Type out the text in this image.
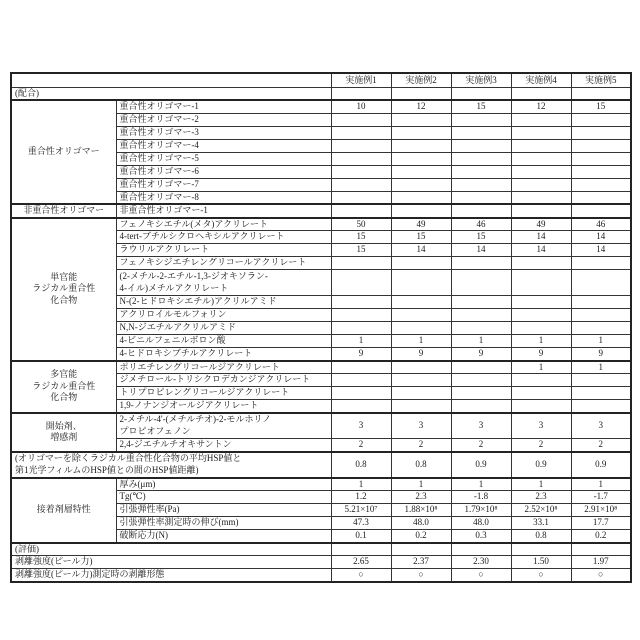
		実施例1	実施例2	実施例3	実施例4	実施例5
(配合)						
重合性オリゴマー	重合性オリゴマー-1	10	12	15	12	15
	重合性オリゴマー-2					
	重合性オリゴマー-3					
	重合性オリゴマー-4					
	重合性オリゴマー-5					
	重合性オリゴマー-6					
	重合性オリゴマー-7					
	重合性オリゴマー-8					
非重合性オリゴマー	非重合性オリゴマー-1					
単官能
ラジカル重合性
化合物	フェノキシエチル(メタ)アクリレート	50	49	46	49	46
	4-tert-ブチルシクロヘキシルアクリレート	15	15	15	14	14
	ラウリルアクリレート	15	14	14	14	14
	フェノキシジエチレングリコールアクリレート					
	(2-メチル-2-エチル-1,3-ジオキソラン-
4-イル)メチルアクリレート					
	N-(2-ヒドロキシエチル)アクリルアミド					
	アクリロイルモルフォリン					
	N,N-ジエチルアクリルアミド					
	4-ビニルフェニルボロン酸	1	1	1	1	1
	4-ヒドロキシブチルアクリレート	9	9	9	9	9
多官能
ラジカル重合性
化合物	ポリエチレングリコールジアクリレート				1	1
	ジメチロール-トリシクロデカンジアクリレート					
	トリプロピレングリコールジアクリレート					
	1,9-ノナンジオールジアクリレート					
開始剤、
増感剤	2-メチル-4'-(メチルチオ)-2-モルホリノ
プロピオフェノン	3	3	3	3	3
	2,4-ジエチルチオキサントン	2	2	2	2	2
(オリゴマーを除くラジカル重合性化合物の平均HSP値と
第1光学フィルムのHSP値との間のHSP値距離)		0.8	0.8	0.9	0.9	0.9
接着剤層特性	厚み(μm)	1	1	1	1	1
	Tg(℃)	1.2	2.3	-1.8	2.3	-1.7
	引張弾性率(Pa)	5.21×10⁷	1.88×10⁸	1.79×10⁸	2.52×10⁸	2.91×10⁸
	引張弾性率測定時の伸び(mm)	47.3	48.0	48.0	33.1	17.7
	破断応力(N)	0.1	0.2	0.3	0.8	0.2
(評価)						
剥離強度(ピール力)		2.65	2.37	2.30	1.50	1.97
剥離強度(ピール力)測定時の剥離形態		○	○	○	○	○
